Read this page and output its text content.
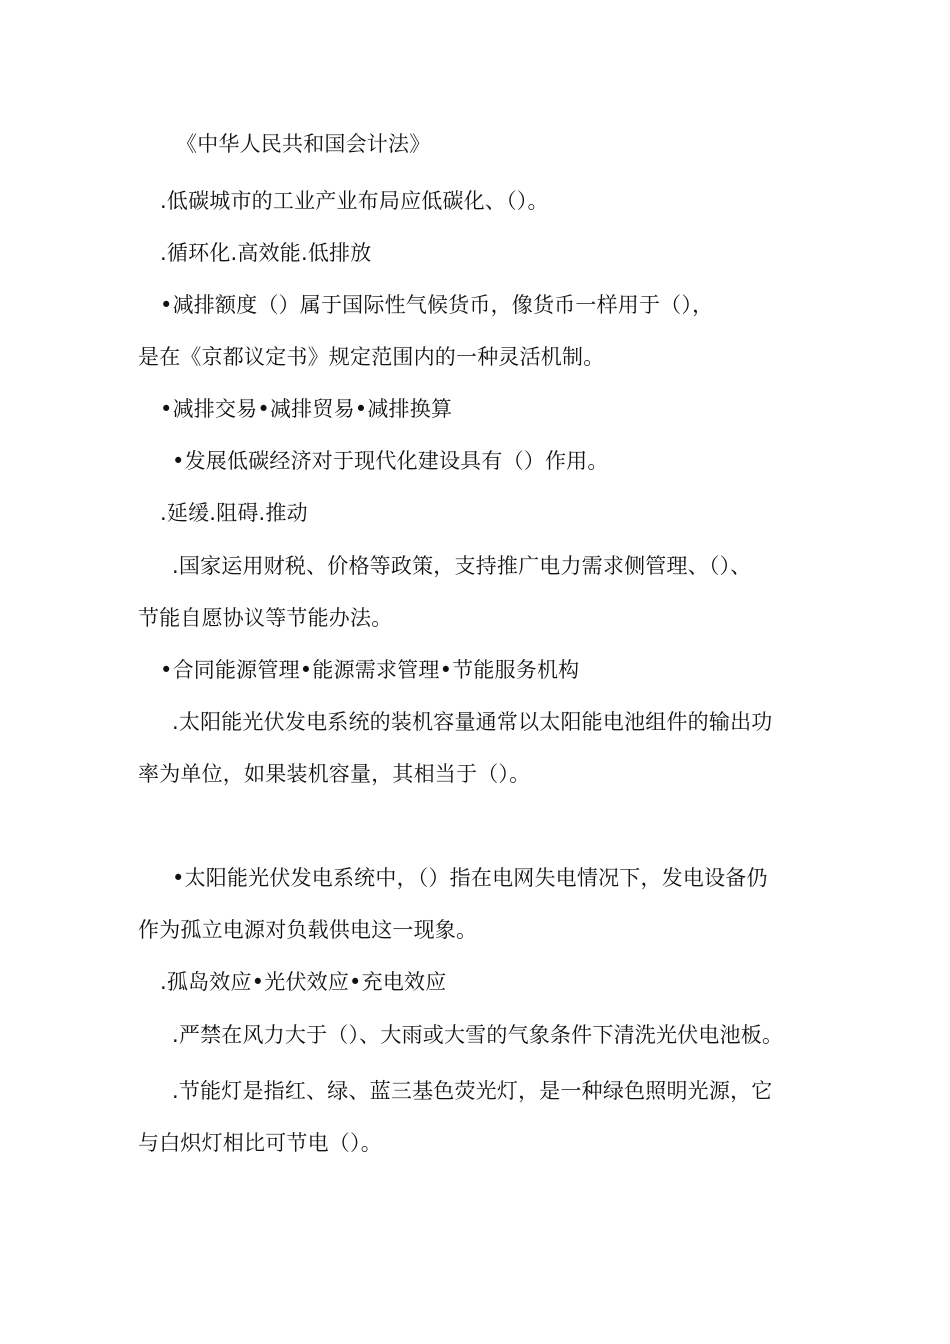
《中华人民共和国会计法》
.低碳城市的工业产业布局应低碳化、（）。
.循环化.高效能.低排放
•减排额度（）属于国际性气候货币，像货币一样用于（），
是在《京都议定书》规定范围内的一种灵活机制。
•减排交易•减排贸易•减排换算
•发展低碳经济对于现代化建设具有（）作用。
.延缓.阻碍.推动
.国家运用财税、价格等政策，支持推广电力需求侧管理、（）、
节能自愿协议等节能办法。
•合同能源管理•能源需求管理•节能服务机构
.太阳能光伏发电系统的装机容量通常以太阳能电池组件的输出功
率为单位，如果装机容量，其相当于（）。
•太阳能光伏发电系统中，（）指在电网失电情况下，发电设备仍
作为孤立电源对负载供电这一现象。
.孤岛效应•光伏效应•充电效应
.严禁在风力大于（）、大雨或大雪的气象条件下清洗光伏电池板。
.节能灯是指红、绿、蓝三基色荧光灯，是一种绿色照明光源，它
与白炽灯相比可节电（）。
